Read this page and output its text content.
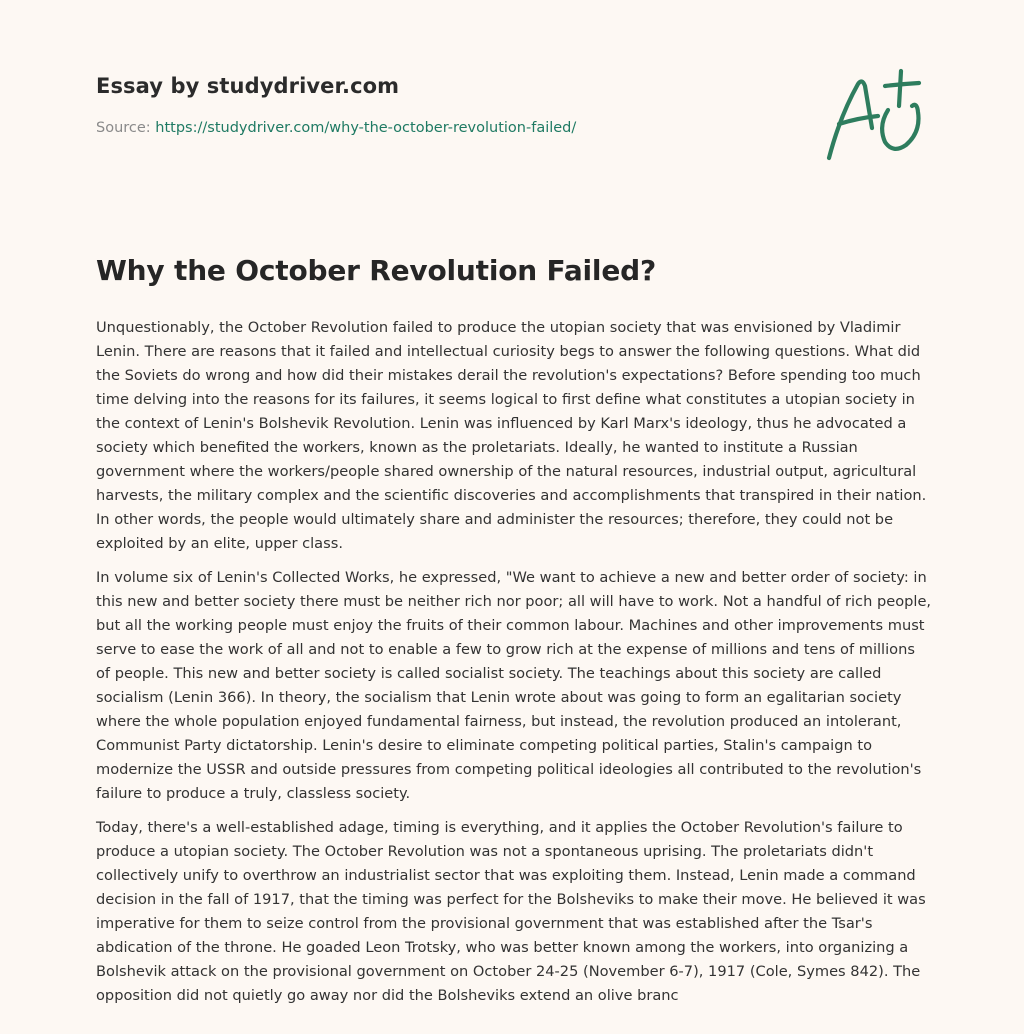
Essay by studydriver.com
Source: https://studydriver.com/why-the-october-revolution-failed/
Why the October Revolution Failed?

Unquestionably, the October Revolution failed to produce the utopian society that was envisioned by Vladimir Lenin. There are reasons that it failed and intellectual curiosity begs to answer the following questions. What did the Soviets do wrong and how did their mistakes derail the revolution's expectations? Before spending too much time delving into the reasons for its failures, it seems logical to first define what constitutes a utopian society in the context of Lenin's Bolshevik Revolution. Lenin was influenced by Karl Marx's ideology, thus he advocated a society which benefited the workers, known as the proletariats. Ideally, he wanted to institute a Russian government where the workers/people shared ownership of the natural resources, industrial output, agricultural harvests, the military complex and the scientific discoveries and accomplishments that transpired in their nation. In other words, the people would ultimately share and administer the resources; therefore, they could not be exploited by an elite, upper class.

In volume six of Lenin's Collected Works, he expressed, "We want to achieve a new and better order of society: in this new and better society there must be neither rich nor poor; all will have to work. Not a handful of rich people, but all the working people must enjoy the fruits of their common labour. Machines and other improvements must serve to ease the work of all and not to enable a few to grow rich at the expense of millions and tens of millions of people. This new and better society is called socialist society. The teachings about this society are called socialism (Lenin 366). In theory, the socialism that Lenin wrote about was going to form an egalitarian society where the whole population enjoyed fundamental fairness, but instead, the revolution produced an intolerant, Communist Party dictatorship. Lenin's desire to eliminate competing political parties, Stalin's campaign to modernize the USSR and outside pressures from competing political ideologies all contributed to the revolution's failure to produce a truly, classless society.

Today, there's a well-established adage, timing is everything, and it applies the October Revolution's failure to produce a utopian society. The October Revolution was not a spontaneous uprising. The proletariats didn't collectively unify to overthrow an industrialist sector that was exploiting them. Instead, Lenin made a command decision in the fall of 1917, that the timing was perfect for the Bolsheviks to make their move. He believed it was imperative for them to seize control from the provisional government that was established after the Tsar's abdication of the throne. He goaded Leon Trotsky, who was better known among the workers, into organizing a Bolshevik attack on the provisional government on October 24-25 (November 6-7), 1917 (Cole, Symes 842). The opposition did not quietly go away nor did the Bolsheviks extend an olive branc
